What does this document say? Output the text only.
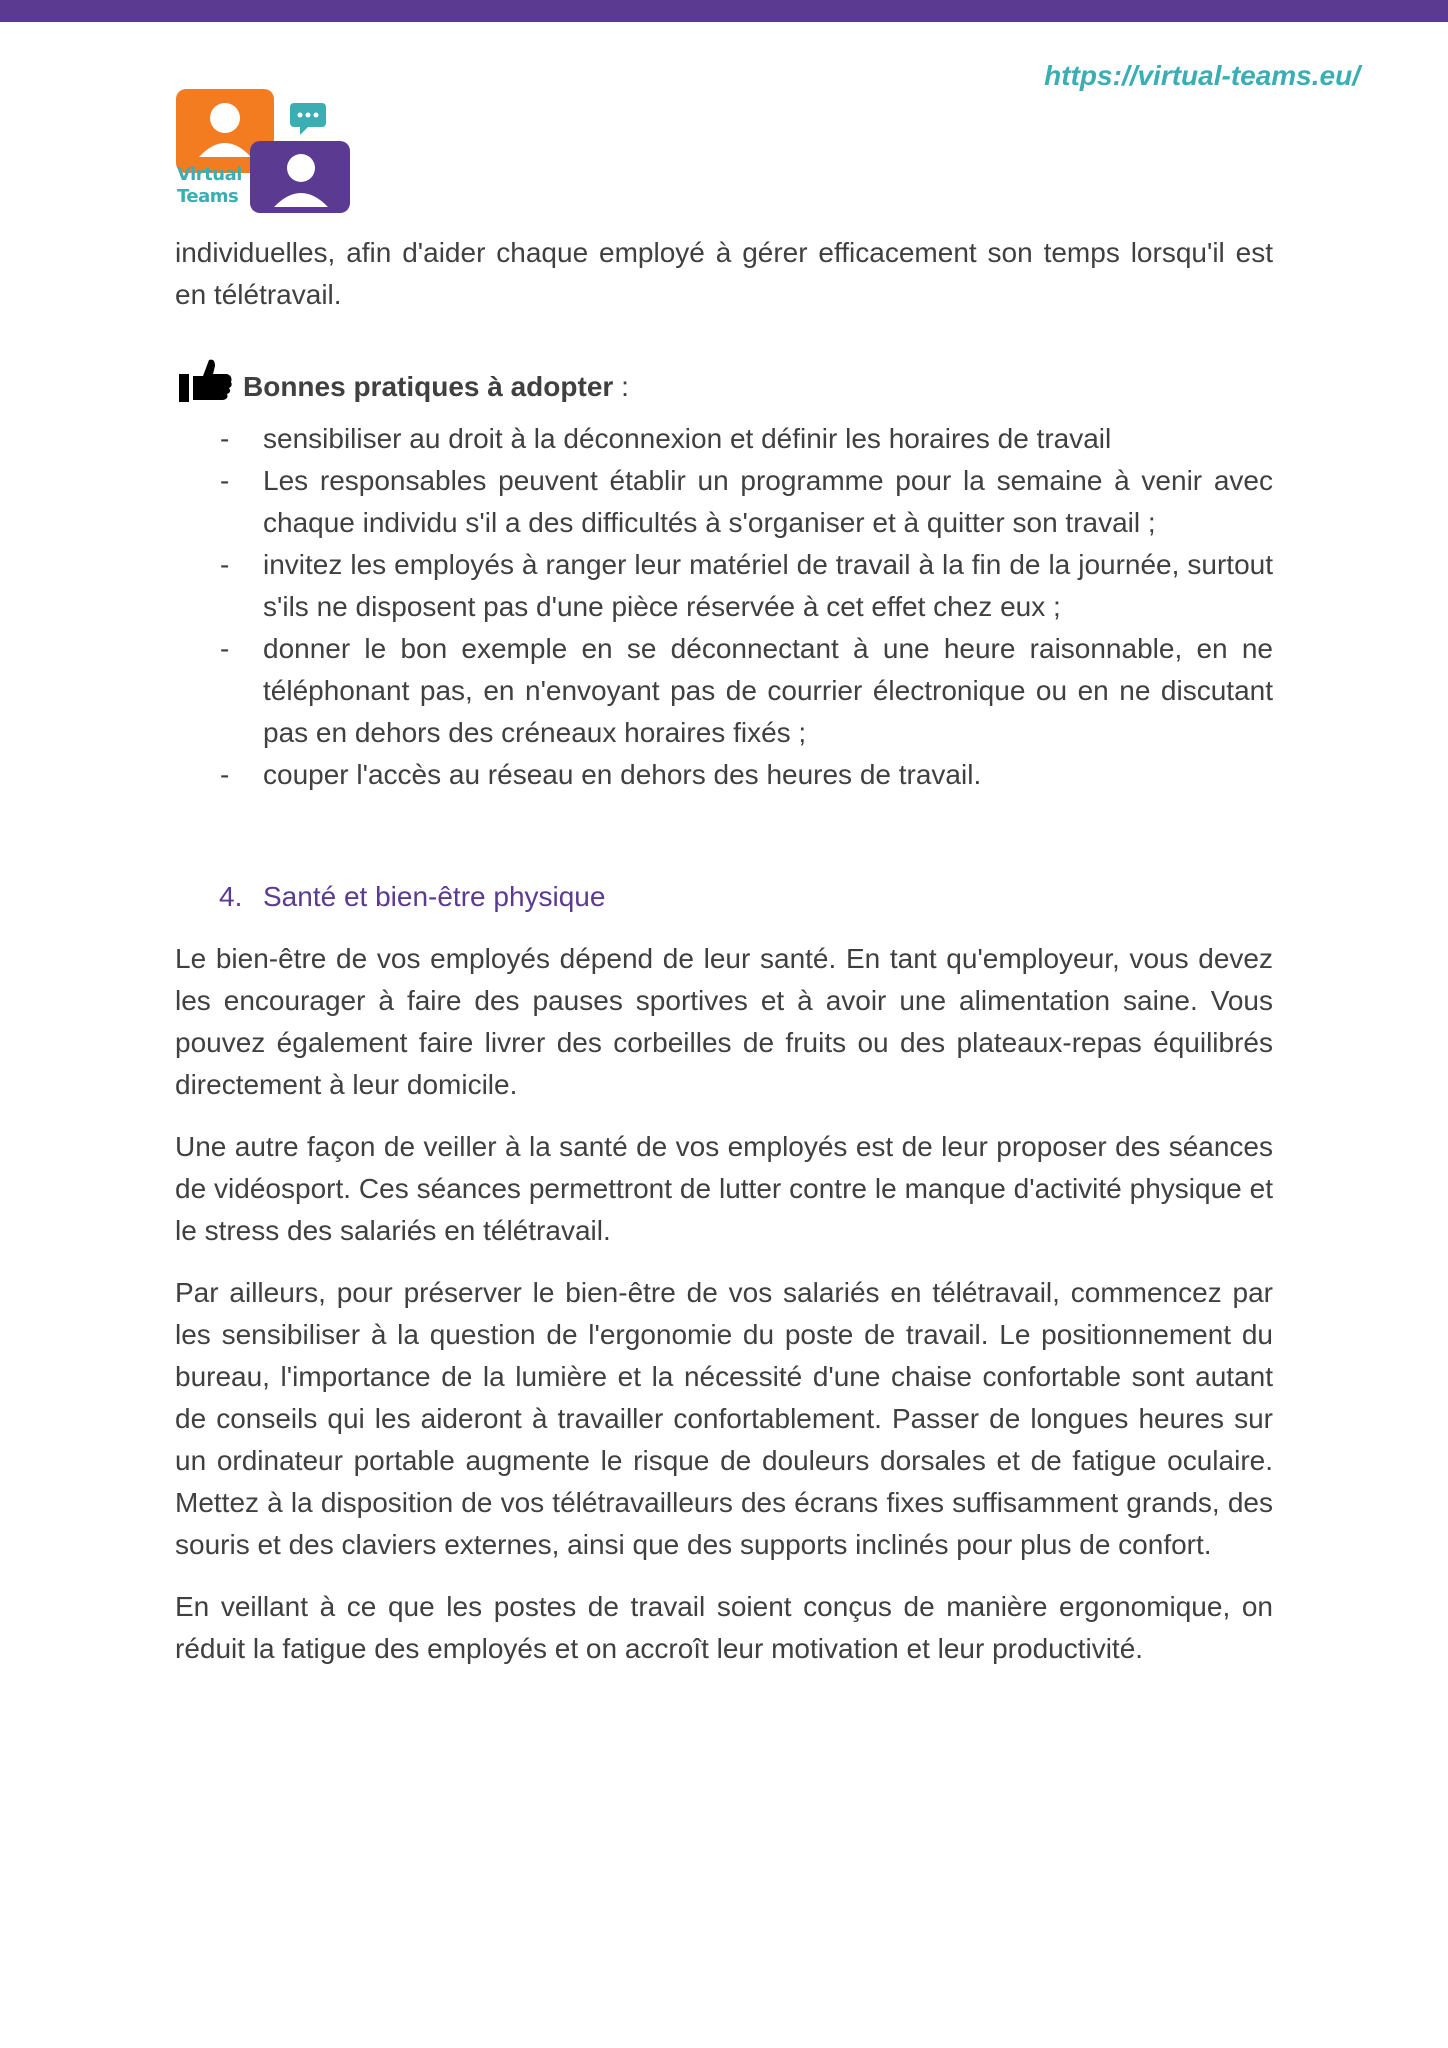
https://virtual-teams.eu/
Virtual Teams

individuelles, afin d'aider chaque employé à gérer efficacement son temps lorsqu'il est en télétravail.

Bonnes pratiques à adopter :
- sensibiliser au droit à la déconnexion et définir les horaires de travail
- Les responsables peuvent établir un programme pour la semaine à venir avec chaque individu s'il a des difficultés à s'organiser et à quitter son travail ;
- invitez les employés à ranger leur matériel de travail à la fin de la journée, surtout s'ils ne disposent pas d'une pièce réservée à cet effet chez eux ;
- donner le bon exemple en se déconnectant à une heure raisonnable, en ne téléphonant pas, en n'envoyant pas de courrier électronique ou en ne discutant pas en dehors des créneaux horaires fixés ;
- couper l'accès au réseau en dehors des heures de travail.
4. Santé et bien-être physique

Le bien-être de vos employés dépend de leur santé. En tant qu'employeur, vous devez les encourager à faire des pauses sportives et à avoir une alimentation saine. Vous pouvez également faire livrer des corbeilles de fruits ou des plateaux-repas équilibrés directement à leur domicile.

Une autre façon de veiller à la santé de vos employés est de leur proposer des séances de vidéosport. Ces séances permettront de lutter contre le manque d'activité physique et le stress des salariés en télétravail.

Par ailleurs, pour préserver le bien-être de vos salariés en télétravail, commencez par les sensibiliser à la question de l'ergonomie du poste de travail. Le positionnement du bureau, l'importance de la lumière et la nécessité d'une chaise confortable sont autant de conseils qui les aideront à travailler confortablement. Passer de longues heures sur un ordinateur portable augmente le risque de douleurs dorsales et de fatigue oculaire. Mettez à la disposition de vos télétravailleurs des écrans fixes suffisamment grands, des souris et des claviers externes, ainsi que des supports inclinés pour plus de confort.

En veillant à ce que les postes de travail soient conçus de manière ergonomique, on réduit la fatigue des employés et on accroît leur motivation et leur productivité.
